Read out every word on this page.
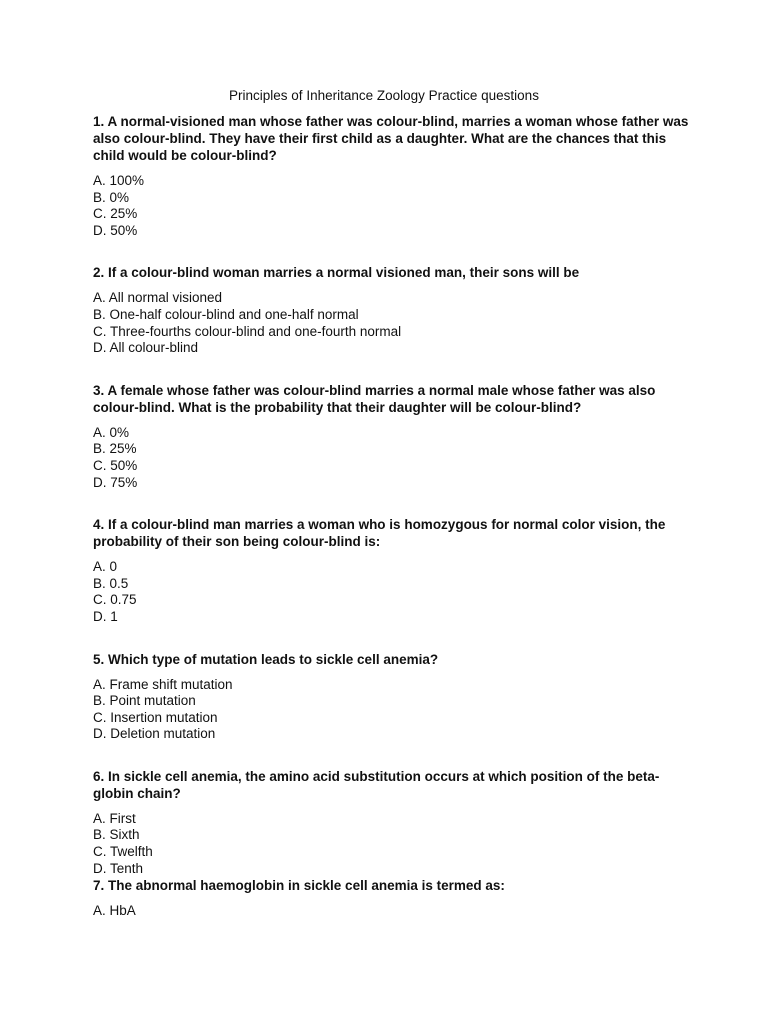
Principles of Inheritance Zoology Practice questions

1. A normal-visioned man whose father was colour-blind, marries a woman whose father was also colour-blind. They have their first child as a daughter. What are the chances that this child would be colour-blind?

A. 100%
B. 0%
C. 25%
D. 50%

2. If a colour-blind woman marries a normal visioned man, their sons will be

A. All normal visioned
B. One-half colour-blind and one-half normal
C. Three-fourths colour-blind and one-fourth normal
D. All colour-blind

3. A female whose father was colour-blind marries a normal male whose father was also colour-blind. What is the probability that their daughter will be colour-blind?

A. 0%
B. 25%
C. 50%
D. 75%

4. If a colour-blind man marries a woman who is homozygous for normal color vision, the probability of their son being colour-blind is:

A. 0
B. 0.5
C. 0.75
D. 1

5. Which type of mutation leads to sickle cell anemia?

A. Frame shift mutation
B. Point mutation
C. Insertion mutation
D. Deletion mutation

6. In sickle cell anemia, the amino acid substitution occurs at which position of the beta-globin chain?

A. First
B. Sixth
C. Twelfth
D. Tenth

7. The abnormal haemoglobin in sickle cell anemia is termed as:

A. HbA
